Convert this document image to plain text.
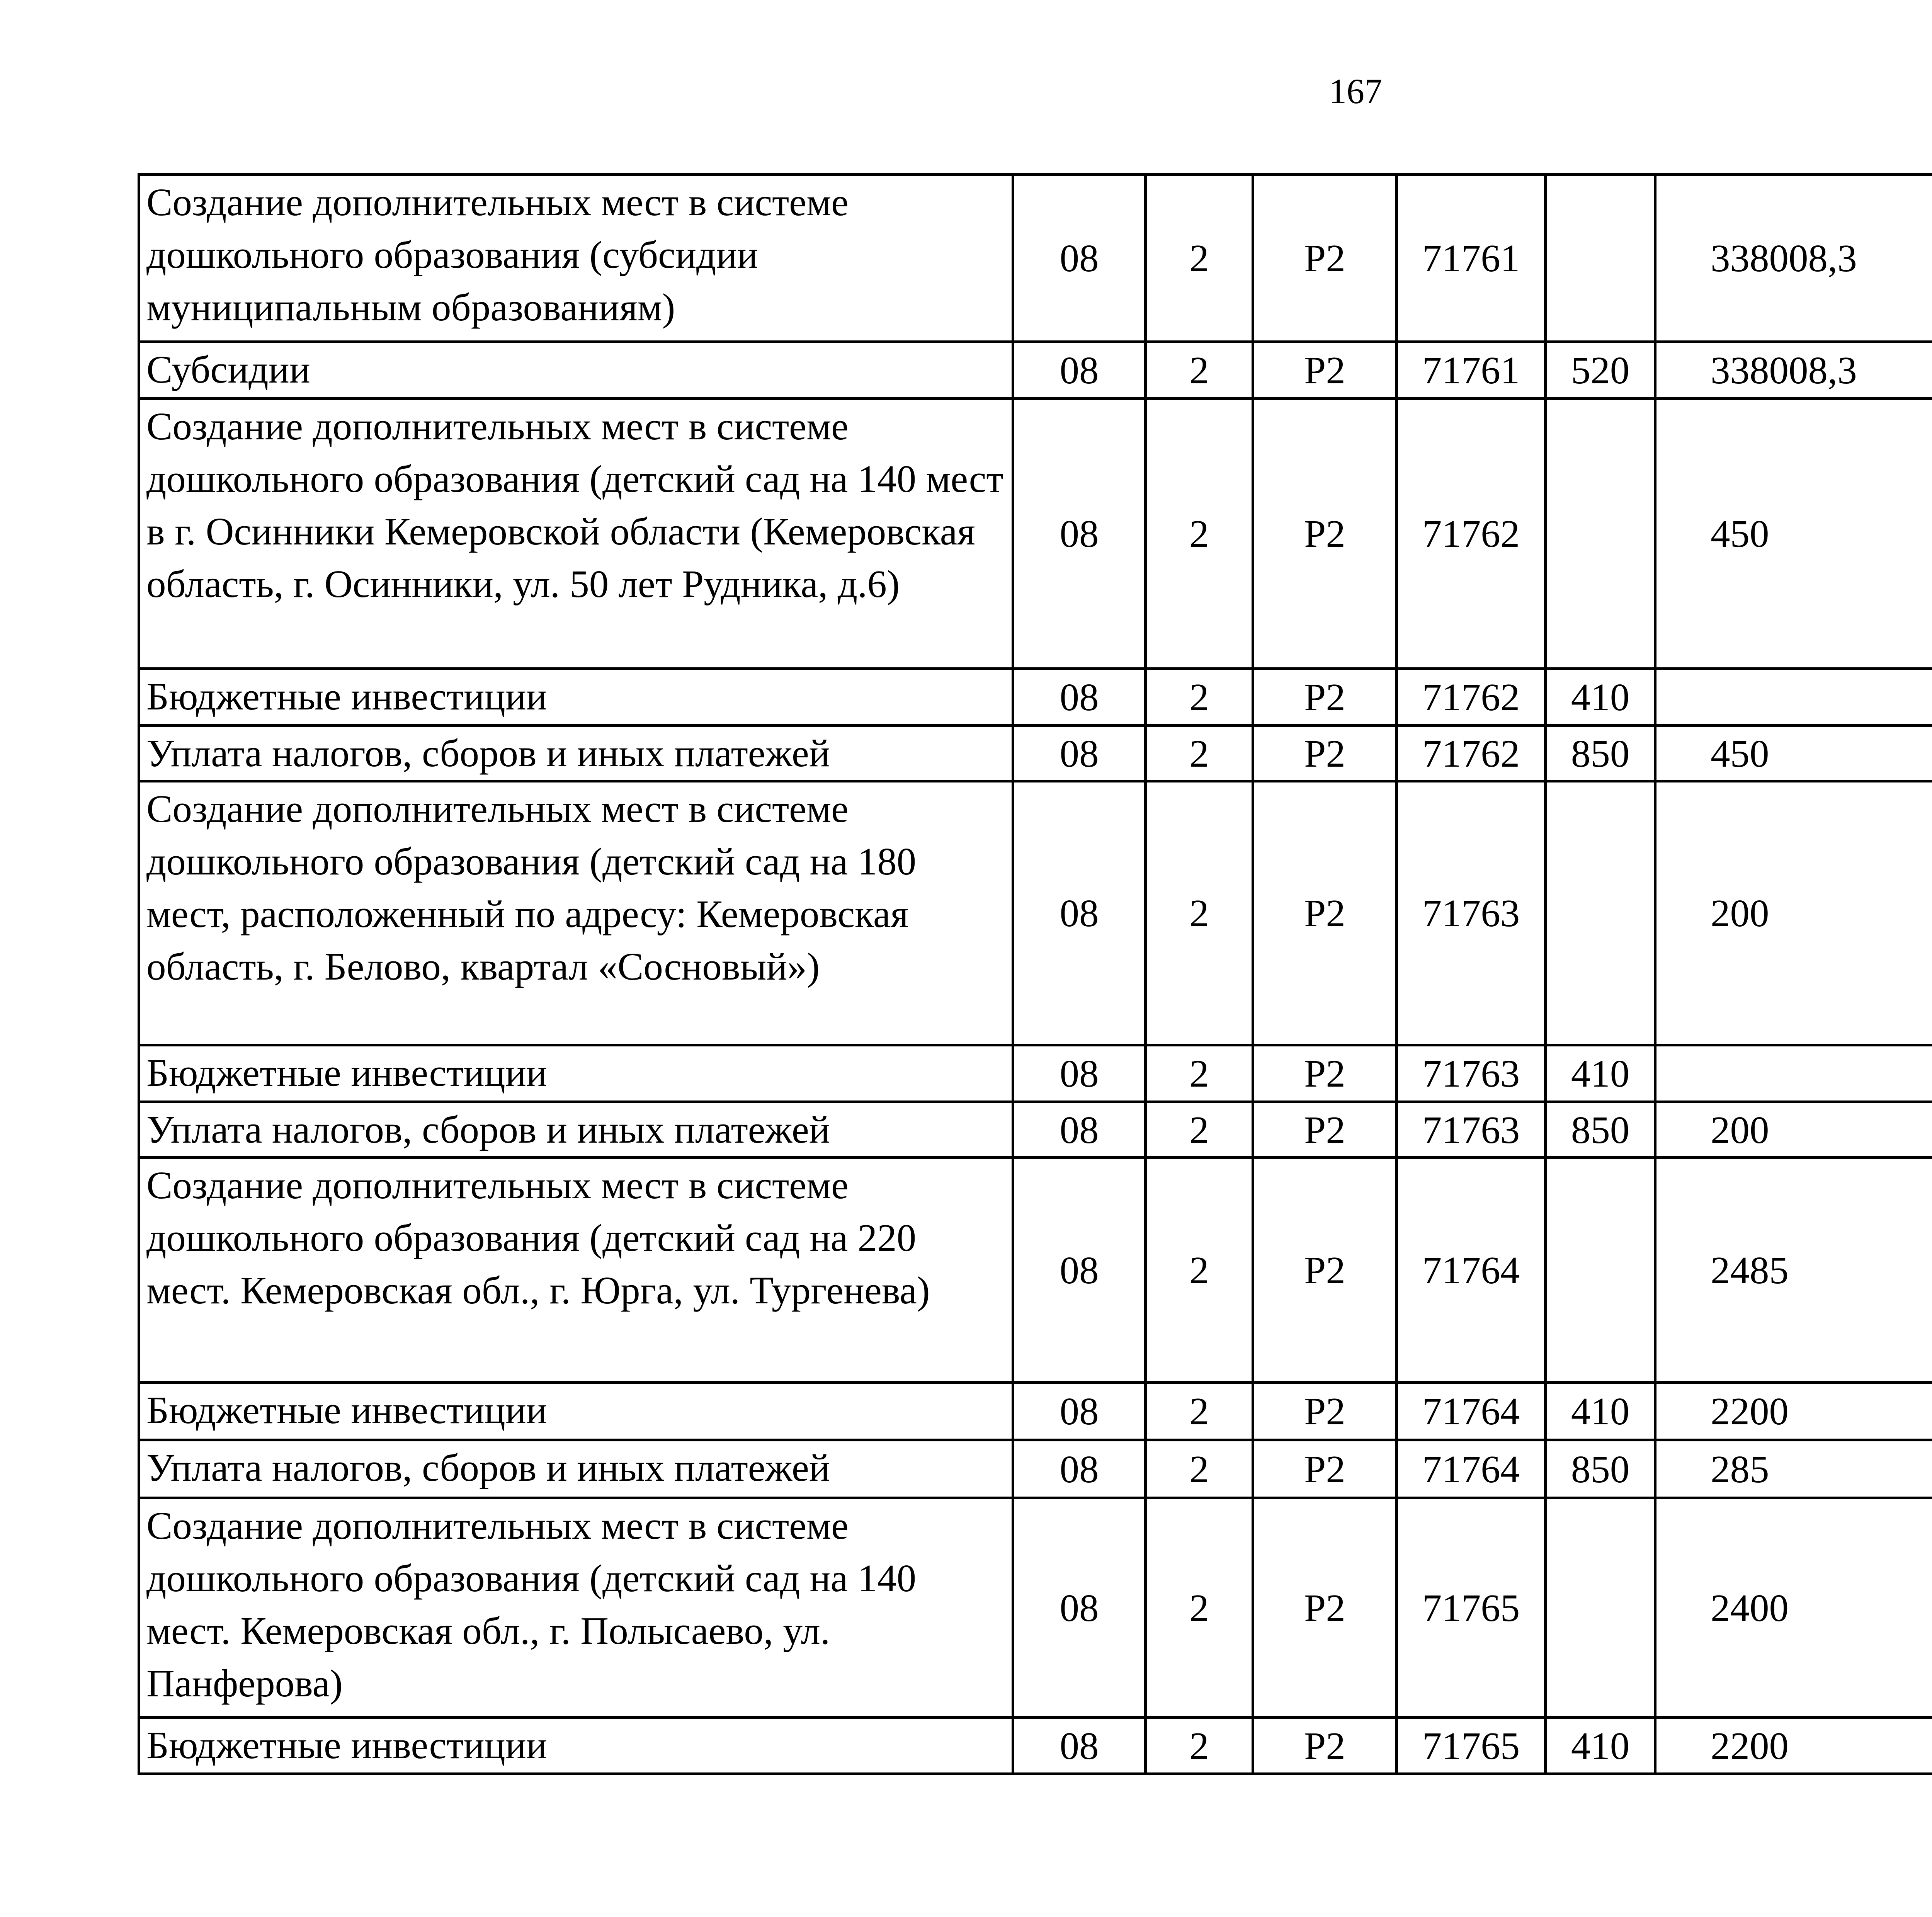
167
Создание дополнительных мест в системе дошкольного образования (субсидии муниципальным образованиям)	08	2	Р2	71761		338008,3		
Субсидии	08	2	Р2	71761	520	338008,3		
Создание дополнительных мест в системе дошкольного образования (детский сад на 140 мест в г. Осинники Кемеровской области (Кемеровская область, г. Осинники, ул. 50 лет Рудника, д.6)	08	2	Р2	71762		450		
Бюджетные инвестиции	08	2	Р2	71762	410			
Уплата налогов, сборов и иных платежей	08	2	Р2	71762	850	450		
Создание дополнительных мест в системе дошкольного образования (детский сад на 180 мест, расположенный по адресу: Кемеровская область, г. Белово, квартал «Сосновый»)	08	2	Р2	71763		200		
Бюджетные инвестиции	08	2	Р2	71763	410			
Уплата налогов, сборов и иных платежей	08	2	Р2	71763	850	200		
Создание дополнительных мест в системе дошкольного образования (детский сад на 220 мест. Кемеровская обл., г. Юрга, ул. Тургенева)	08	2	Р2	71764		2485		
Бюджетные инвестиции	08	2	Р2	71764	410	2200		
Уплата налогов, сборов и иных платежей	08	2	Р2	71764	850	285		
Создание дополнительных мест в системе дошкольного образования (детский сад на 140 мест. Кемеровская обл., г. Полысаево, ул. Панферова)	08	2	Р2	71765		2400		
Бюджетные инвестиции	08	2	Р2	71765	410	2200		
